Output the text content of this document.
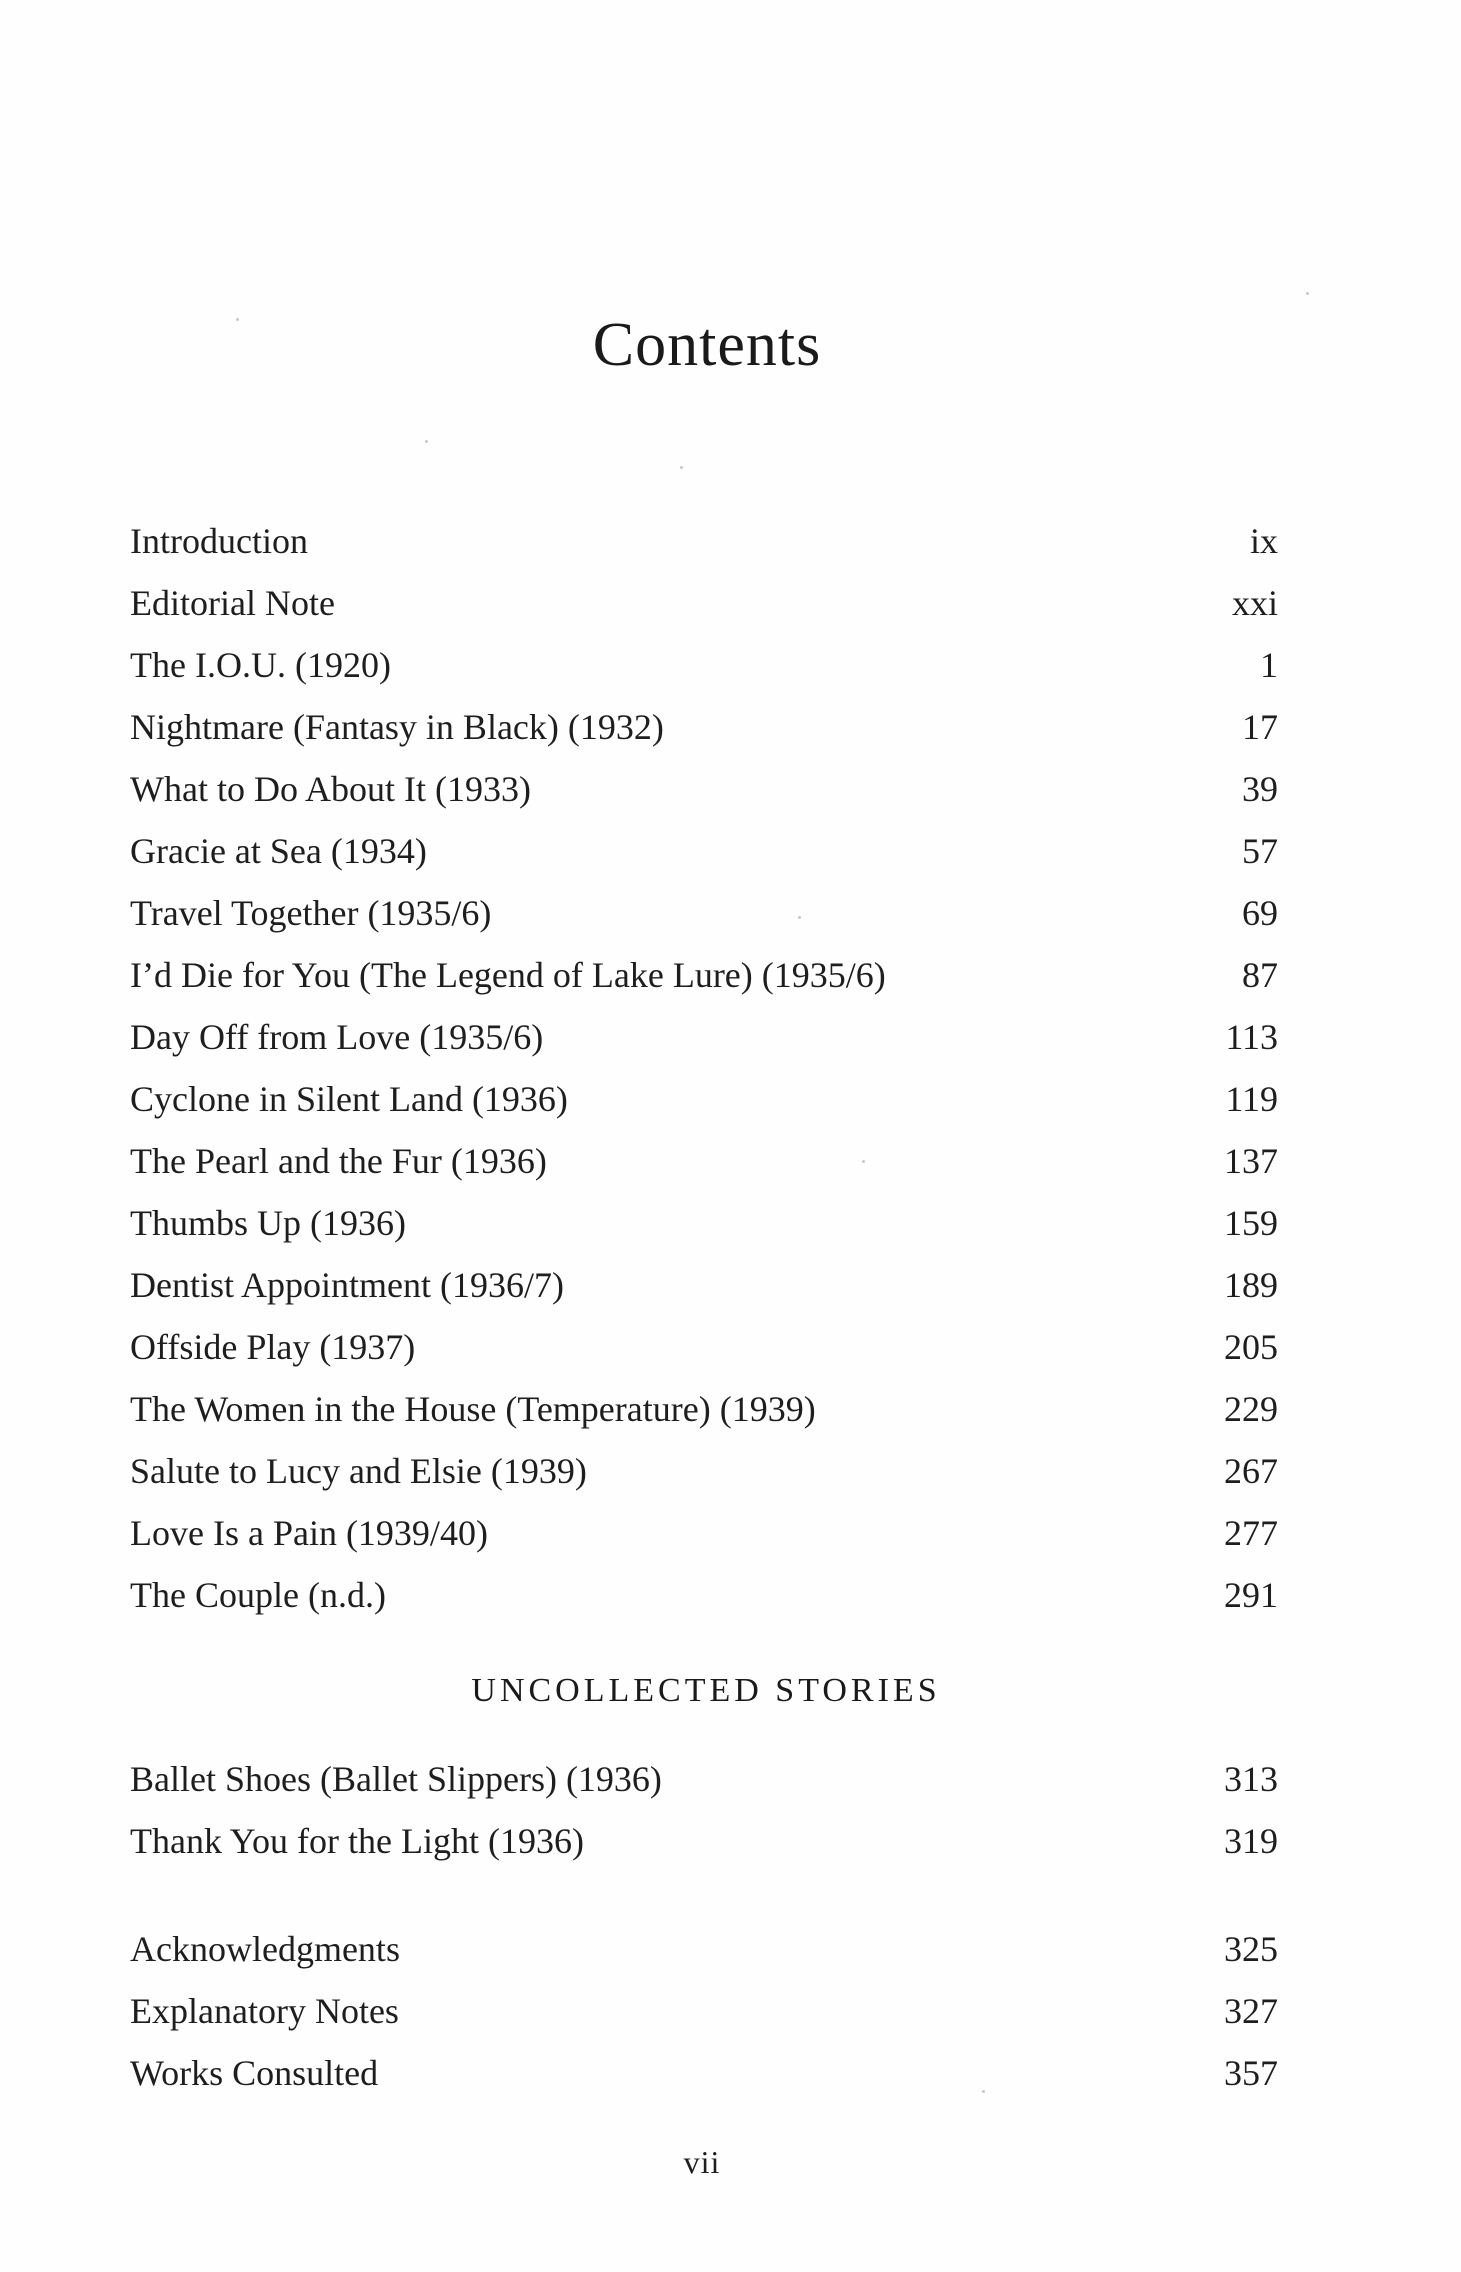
Contents
Introduction	ix
Editorial Note	xxi
The I.O.U. (1920)	1
Nightmare (Fantasy in Black) (1932)	17
What to Do About It (1933)	39
Gracie at Sea (1934)	57
Travel Together (1935/6)	69
I’d Die for You (The Legend of Lake Lure) (1935/6)	87
Day Off from Love (1935/6)	113
Cyclone in Silent Land (1936)	119
The Pearl and the Fur (1936)	137
Thumbs Up (1936)	159
Dentist Appointment (1936/7)	189
Offside Play (1937)	205
The Women in the House (Temperature) (1939)	229
Salute to Lucy and Elsie (1939)	267
Love Is a Pain (1939/40)	277
The Couple (n.d.)	291
UNCOLLECTED STORIES
Ballet Shoes (Ballet Slippers) (1936)	313
Thank You for the Light (1936)	319
Acknowledgments	325
Explanatory Notes	327
Works Consulted	357
vii
